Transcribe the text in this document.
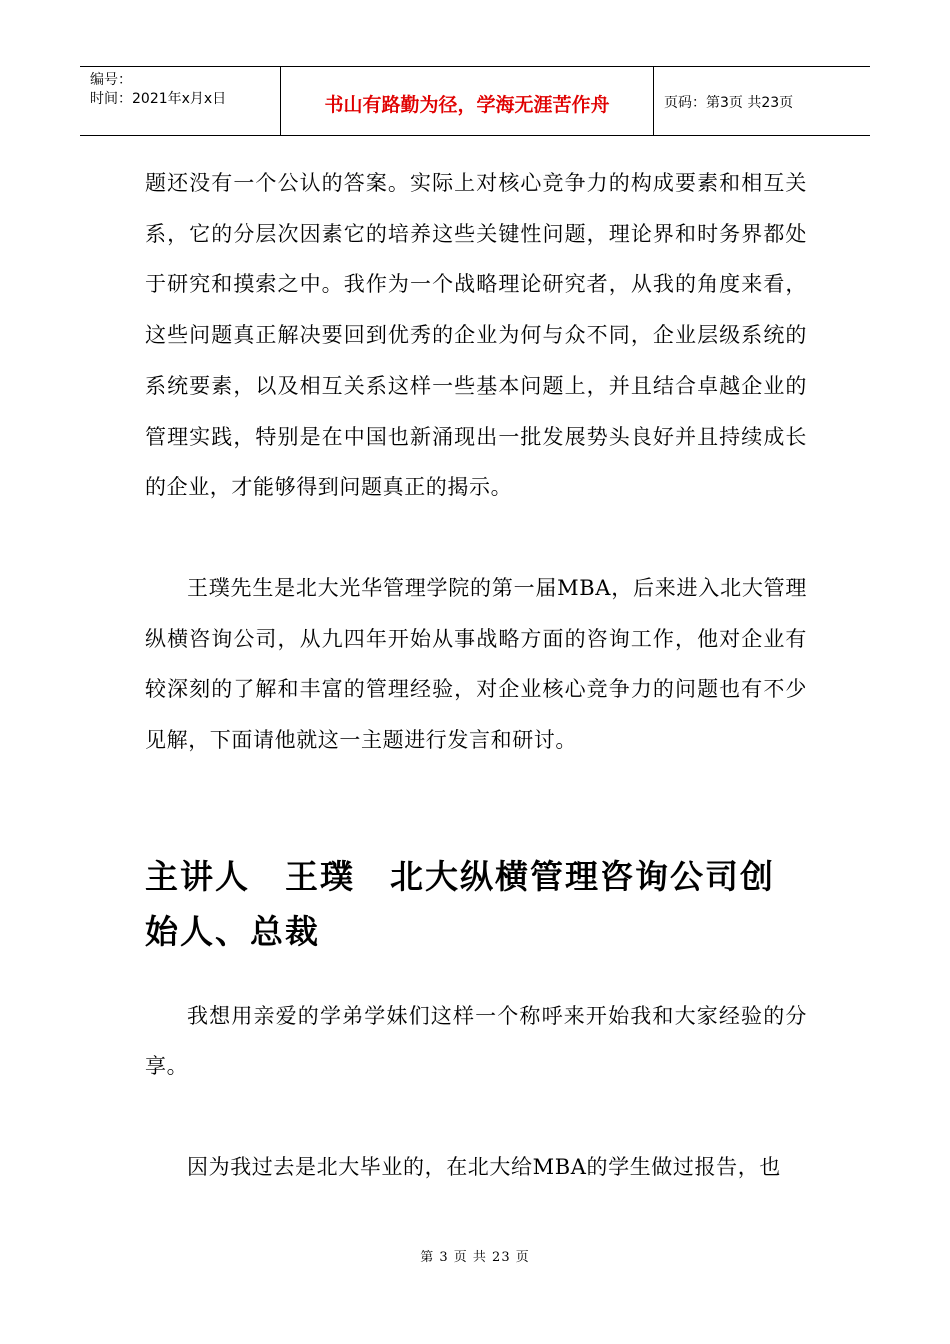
编号：
时间：2021年x月x日	书山有路勤为径，学海无涯苦作舟	页码：第3页 共23页

题还没有一个公认的答案。实际上对核心竞争力的构成要素和相互关系，它的分层次因素它的培养这些关键性问题，理论界和时务界都处于研究和摸索之中。我作为一个战略理论研究者，从我的角度来看，这些问题真正解决要回到优秀的企业为何与众不同，企业层级系统的系统要素，以及相互关系这样一些基本问题上，并且结合卓越企业的管理实践，特别是在中国也新涌现出一批发展势头良好并且持续成长的企业，才能够得到问题真正的揭示。

王璞先生是北大光华管理学院的第一届MBA，后来进入北大管理纵横咨询公司，从九四年开始从事战略方面的咨询工作，他对企业有较深刻的了解和丰富的管理经验，对企业核心竞争力的问题也有不少见解，下面请他就这一主题进行发言和研讨。

主讲人　王璞　北大纵横管理咨询公司创始人、总裁

我想用亲爱的学弟学妹们这样一个称呼来开始我和大家经验的分享。

因为我过去是北大毕业的，在北大给MBA的学生做过报告，也

第 3 页 共 23 页
